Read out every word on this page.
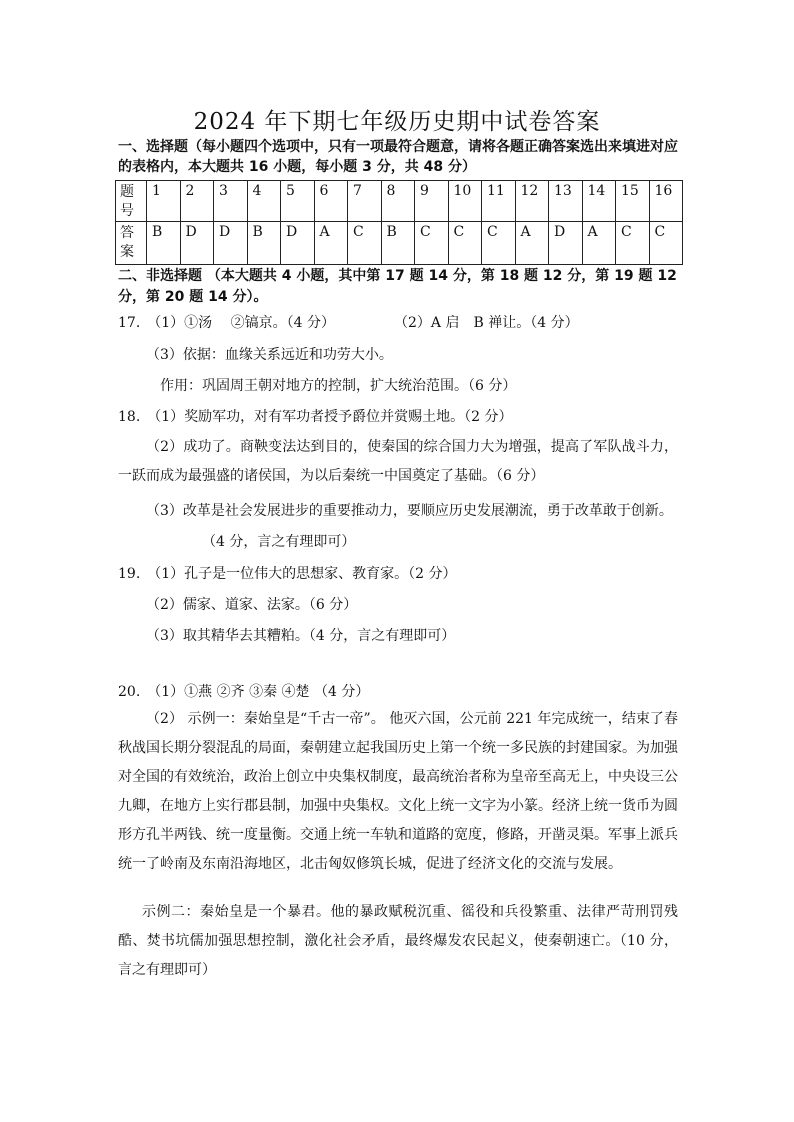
2024 年下期七年级历史期中试卷答案
一、选择题（每小题四个选项中，只有一项最符合题意，请将各题正确答案选出来填进对应的表格内，本大题共 16 小题，每小题 3 分，共 48 分）
题号	1	2	3	4	5	6	7	8	9	10	11	12	13	14	15	16
答案	B	D	D	B	D	A	C	B	C	C	C	A	D	A	C	C
二、非选择题 （本大题共 4 小题，其中第 17 题 14 分，第 18 题 12 分，第 19 题 12 分，第 20 题 14 分）。
17.　（1）①汤　 ②镐京。（4 分）	（2）A 启　B 禅让。（4 分）
（3）依据：血缘关系远近和功劳大小。
作用：巩固周王朝对地方的控制，扩大统治范围。（6 分）
18.　（1）奖励军功，对有军功者授予爵位并赏赐土地。（2 分）
（2）成功了。商鞅变法达到目的，使秦国的综合国力大为增强，提高了军队战斗力，一跃而成为最强盛的诸侯国，为以后秦统一中国奠定了基础。（6 分）
（3）改革是社会发展进步的重要推动力，要顺应历史发展潮流，勇于改革敢于创新。
（4 分，言之有理即可）
19.　（1）孔子是一位伟大的思想家、教育家。（2 分）
（2）儒家、道家、法家。（6 分）
（3）取其精华去其糟粕。（4 分，言之有理即可）
20.　（1）①燕 ②齐 ③秦 ④楚 （4 分）
（2） 示例一：秦始皇是“千古一帝”。 他灭六国，公元前 221 年完成统一，结束了春秋战国长期分裂混乱的局面，秦朝建立起我国历史上第一个统一多民族的封建国家。为加强对全国的有效统治，政治上创立中央集权制度，最高统治者称为皇帝至高无上，中央设三公九卿，在地方上实行郡县制，加强中央集权。文化上统一文字为小篆。经济上统一货币为圆形方孔半两钱、统一度量衡。交通上统一车轨和道路的宽度，修路，开凿灵渠。军事上派兵统一了岭南及东南沿海地区，北击匈奴修筑长城，促进了经济文化的交流与发展。
示例二：秦始皇是一个暴君。他的暴政赋税沉重、徭役和兵役繁重、法律严苛刑罚残酷、焚书坑儒加强思想控制，激化社会矛盾，最终爆发农民起义，使秦朝速亡。（10 分，言之有理即可）
